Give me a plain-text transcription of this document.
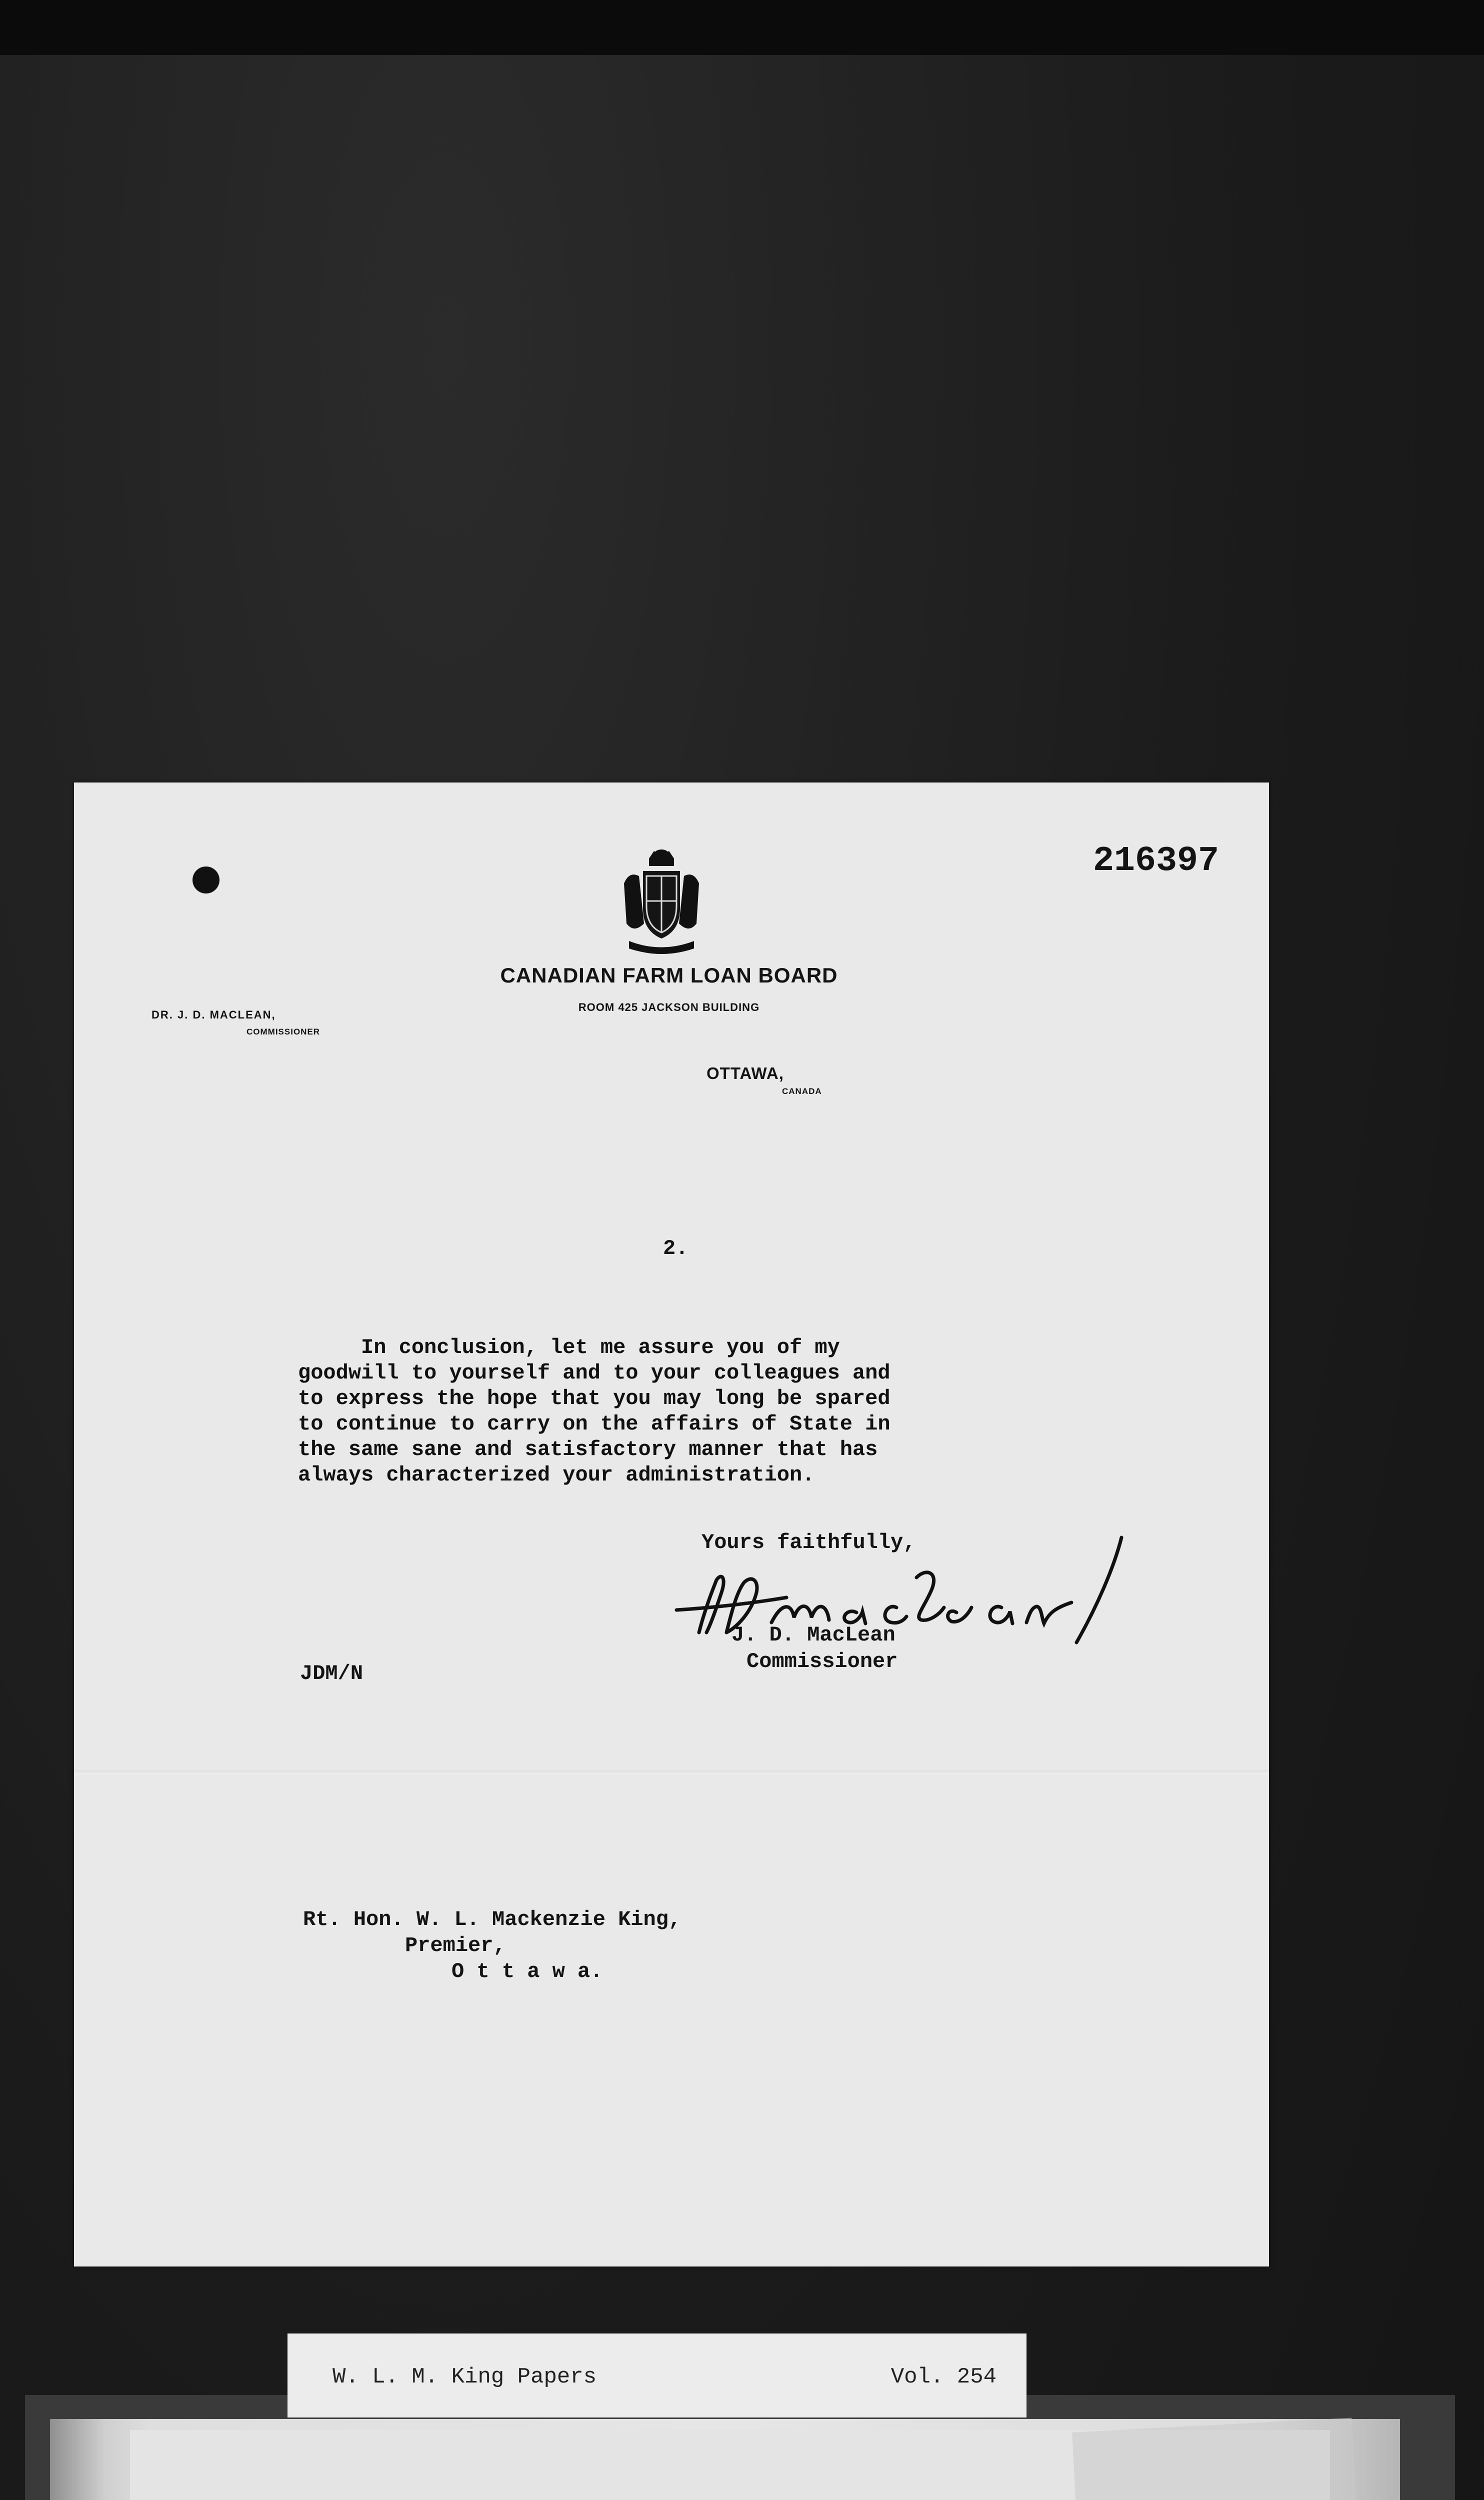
216397
CANADIAN FARM LOAN BOARD
ROOM 425 JACKSON BUILDING
DR. J. D. MACLEAN,
COMMISSIONER
OTTAWA,
CANADA
2.
In conclusion, let me assure you of my
goodwill to yourself and to your colleagues and
to express the hope that you may long be spared
to continue to carry on the affairs of State in
the same sane and satisfactory manner that has
always characterized your administration.
Yours faithfully,
J. D. MacLean
Commissioner
JDM/N
Rt. Hon. W. L. Mackenzie King,
Premier,
O t t a w a.
W. L. M. King Papers	Vol. 254
